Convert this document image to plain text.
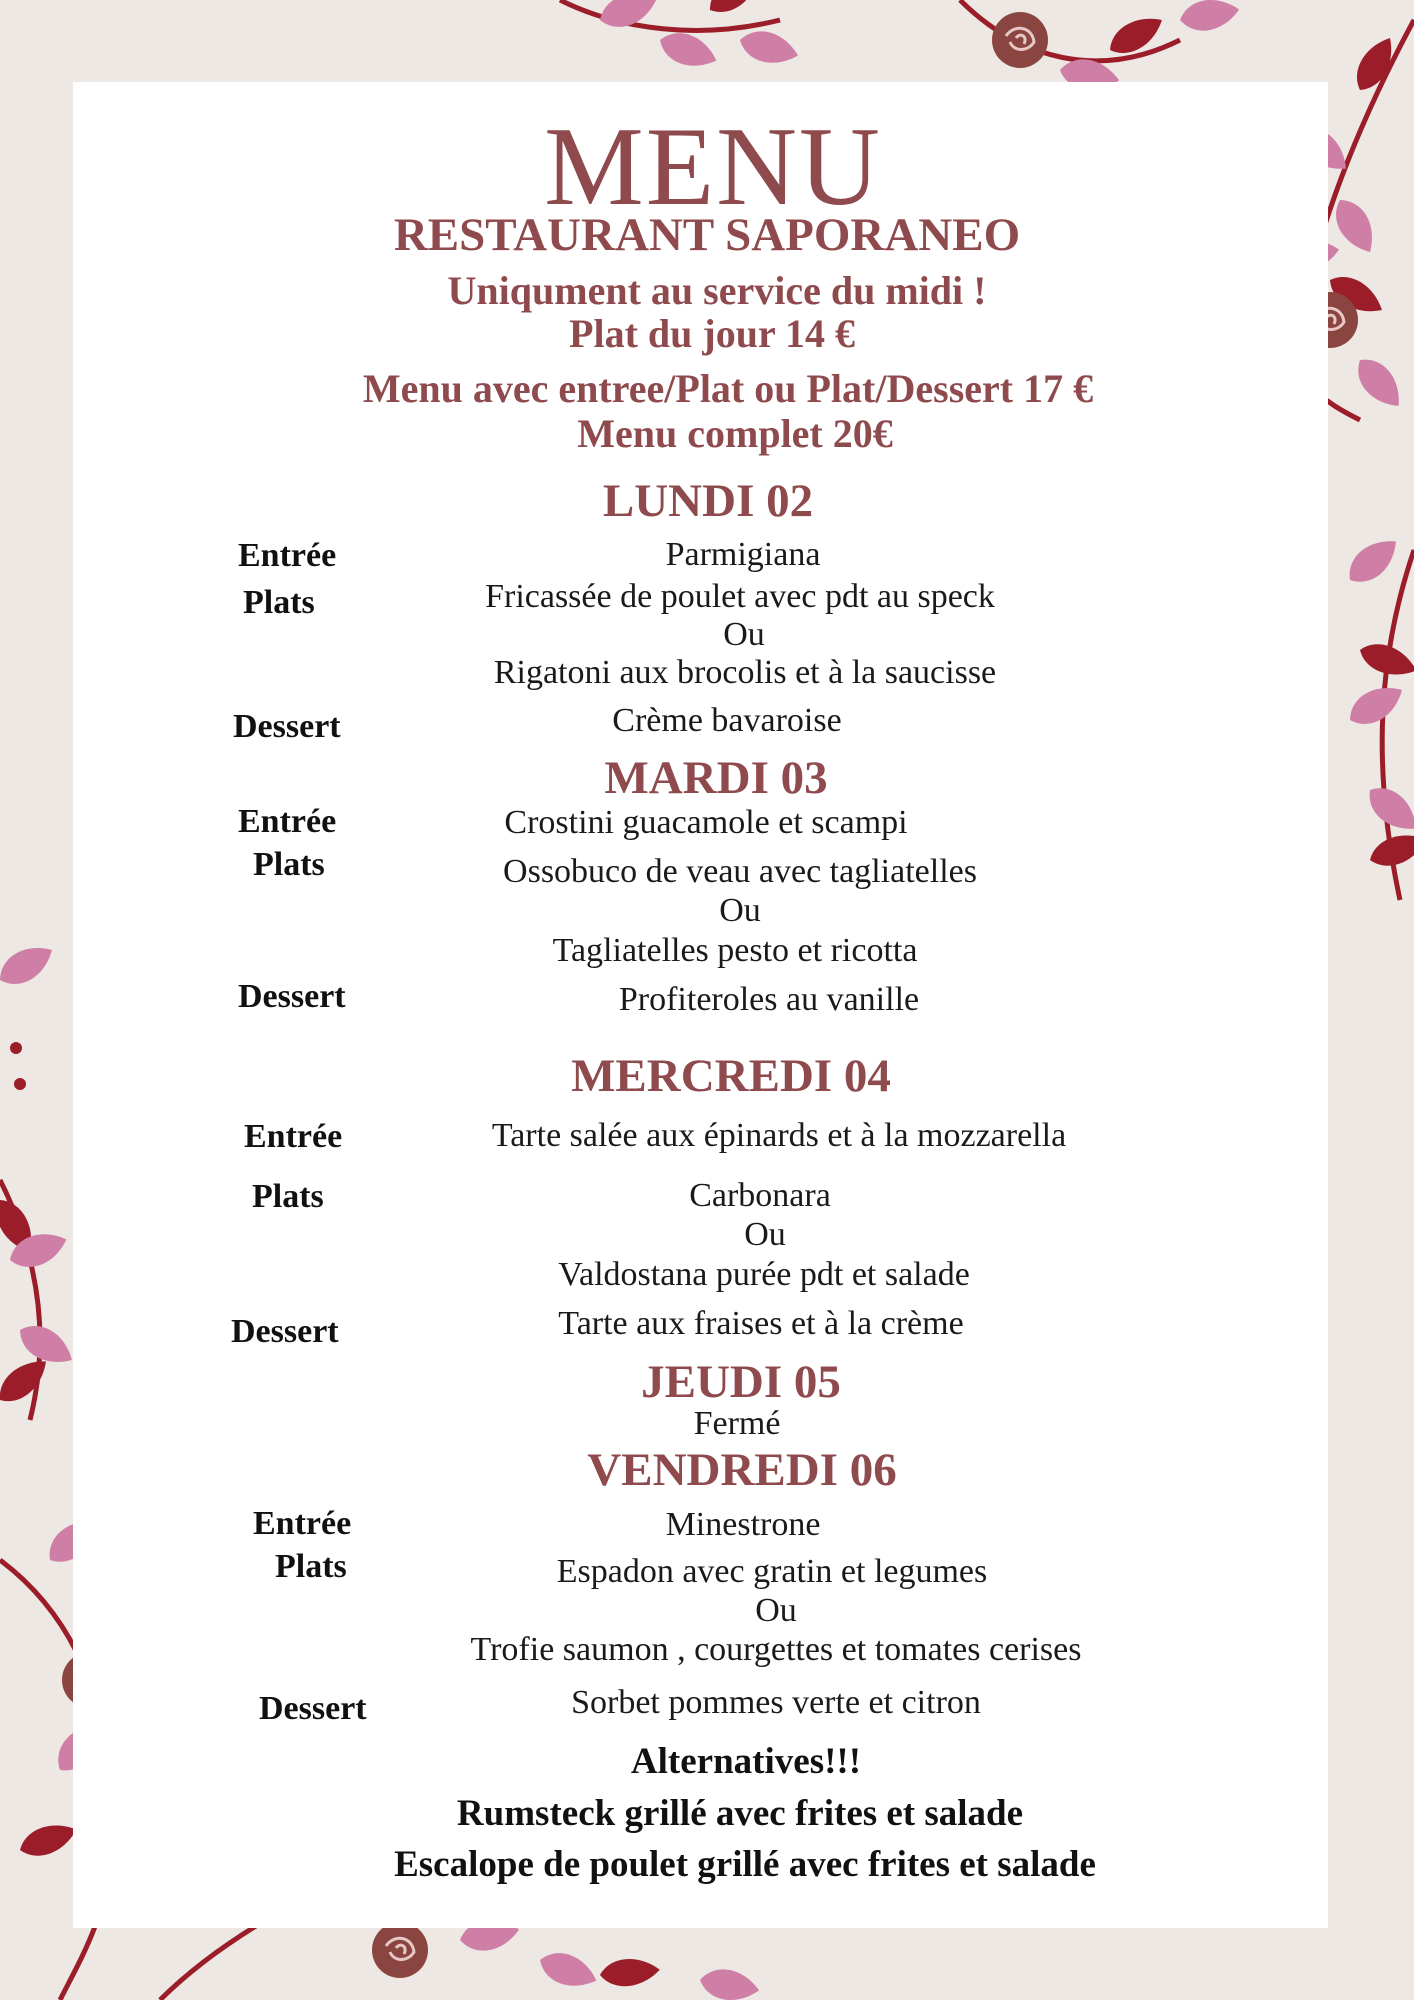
MENU
RESTAURANT SAPORANEO
Uniqument au service du midi !
Plat du jour 14 €
Menu avec entree/Plat ou Plat/Dessert 17 €
Menu complet 20€
LUNDI 02
Entrée	Parmigiana
Plats	Fricassée de poulet avec pdt au speck
Ou
Rigatoni aux brocolis et à la saucisse
Dessert	Crème bavaroise
MARDI 03
Entrée	Crostini guacamole et scampi
Plats	Ossobuco de veau avec tagliatelles
Ou
Tagliatelles pesto et ricotta
Dessert	Profiteroles au vanille
MERCREDI 04
Entrée	Tarte salée aux épinards et à la mozzarella
Plats	Carbonara
Ou
Valdostana purée pdt et salade
Dessert	Tarte aux fraises et à la crème
JEUDI 05
Fermé
VENDREDI 06
Entrée	Minestrone
Plats	Espadon avec gratin et legumes
Ou
Trofie saumon , courgettes et tomates cerises
Dessert	Sorbet pommes verte et citron
Alternatives!!!
Rumsteck grillé avec frites et salade
Escalope de poulet grillé avec frites et salade
